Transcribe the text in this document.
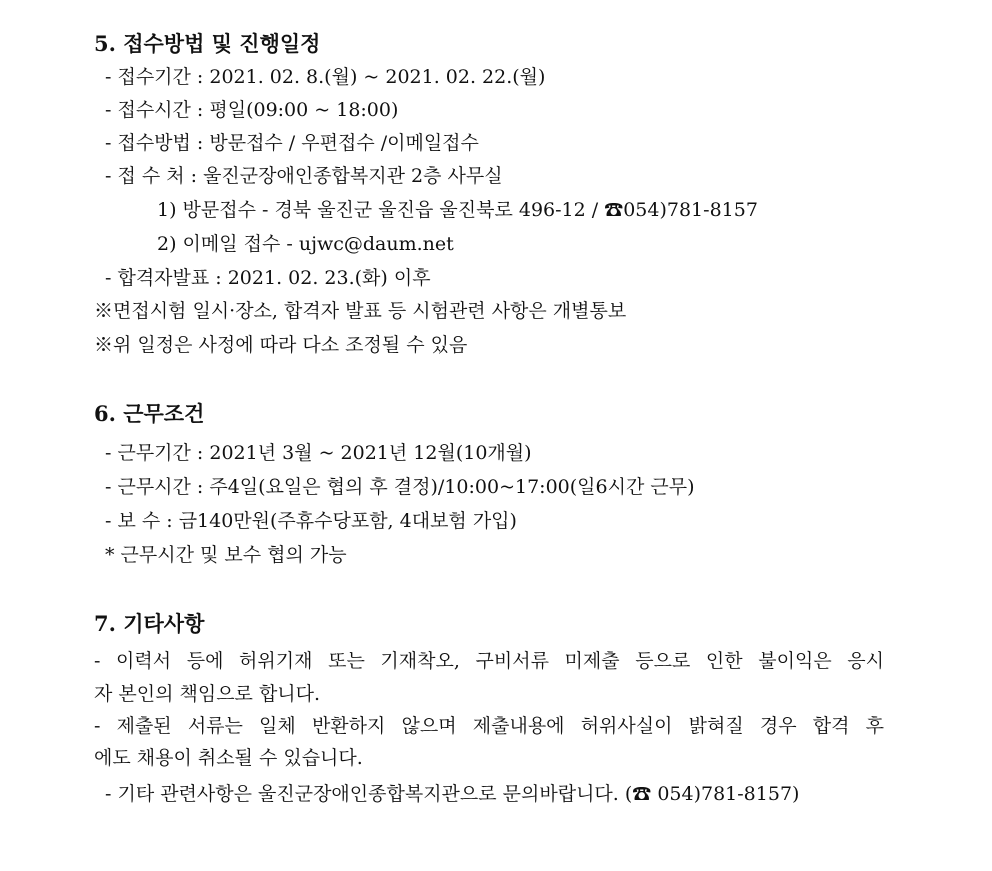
5. 접수방법 및 진행일정
- 접수기간 : 2021. 02. 8.(월) ~ 2021. 02. 22.(월)
- 접수시간 : 평일(09:00 ~ 18:00)
- 접수방법 : 방문접수 / 우편접수 /이메일접수
- 접 수 처 : 울진군장애인종합복지관 2층 사무실
1) 방문접수 - 경북 울진군 울진읍 울진북로 496-12 / ☎054)781-8157
2) 이메일 접수 - ujwc@daum.net
- 합격자발표 : 2021. 02. 23.(화) 이후
※면접시험 일시·장소, 합격자 발표 등 시험관련 사항은 개별통보
※위 일정은 사정에 따라 다소 조정될 수 있음
6. 근무조건
- 근무기간 : 2021년 3월 ~ 2021년 12월(10개월)
- 근무시간 : 주4일(요일은 협의 후 결정)/10:00~17:00(일6시간 근무)
- 보 수 : 금140만원(주휴수당포함, 4대보험 가입)
* 근무시간 및 보수 협의 가능
7. 기타사항
- 이력서 등에 허위기재 또는 기재착오, 구비서류 미제출 등으로 인한 불이익은 응시
자 본인의 책임으로 합니다.
- 제출된 서류는 일체 반환하지 않으며 제출내용에 허위사실이 밝혀질 경우 합격 후
에도 채용이 취소될 수 있습니다.
- 기타 관련사항은 울진군장애인종합복지관으로 문의바랍니다. (☎ 054)781-8157)
